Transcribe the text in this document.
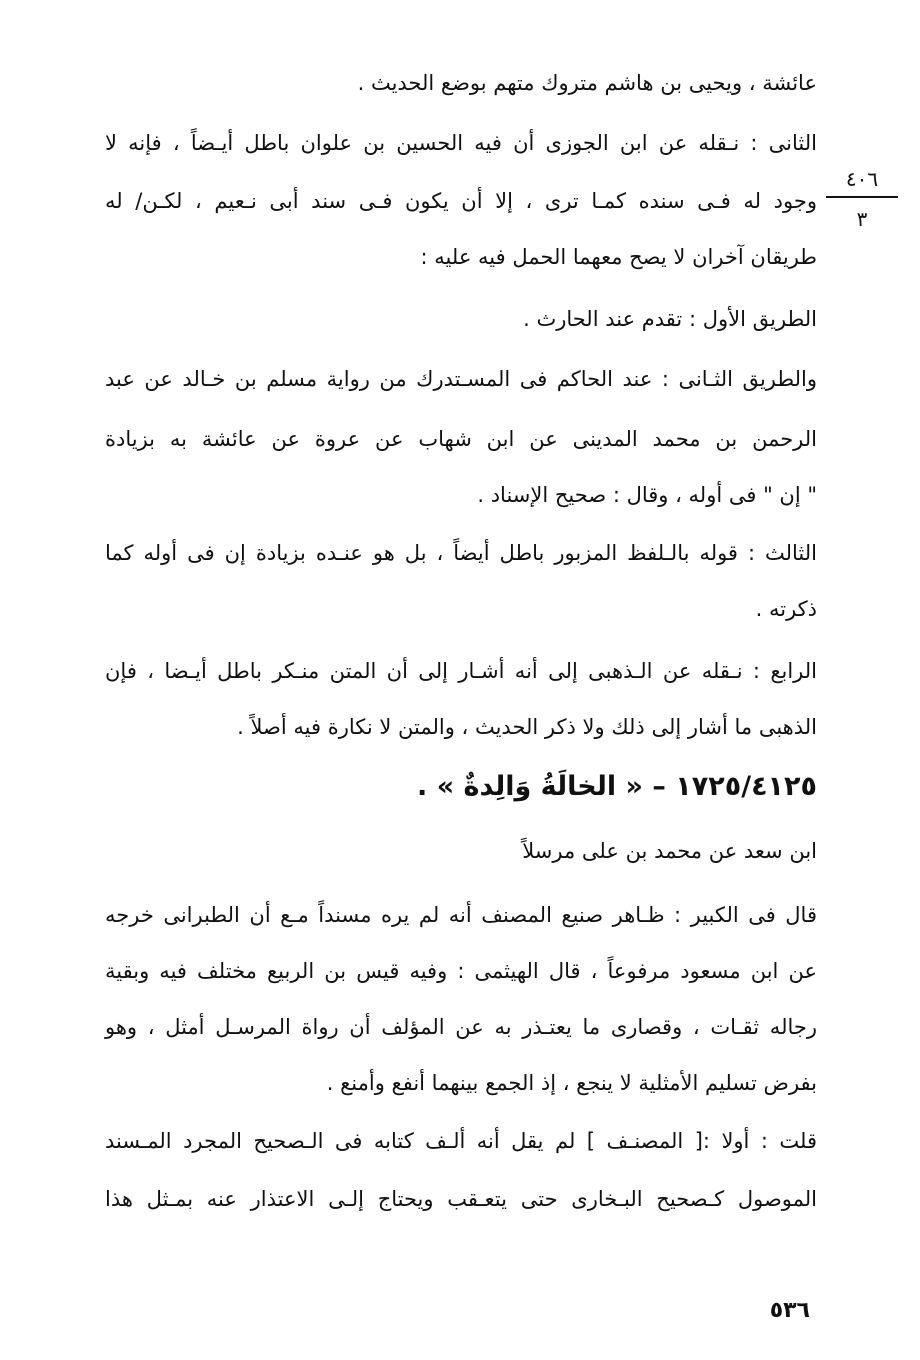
عائشة ، ويحيى بن هاشم متروك متهم بوضع الحديث .
الثانى : نـقله عن ابن الجوزى أن فيه الحسين بن علوان باطل أيـضاً ، فإنه لا
وجود له فـى سنده كمـا ترى ، إلا أن يكون فـى سند أبى نـعيم ، لكـن/ له
طريقان آخران لا يصح معهما الحمل فيه عليه :
الطريق الأول : تقدم عند الحارث .
والطريق الثـانى : عند الحاكم فى المسـتدرك من رواية مسلم بن خـالد عن عبد
الرحمن بن محمد المدينى عن ابن شهاب عن عروة عن عائشة به بزيادة
" إن " فى أوله ، وقال : صحيح الإسناد .
الثالث : قوله بالـلفظ المزبور باطل أيضاً ، بل هو عنـده بزيادة إن فى أوله كما
ذكرته .
الرابع : نـقله عن الـذهبى إلى أنه أشـار إلى أن المتن منـكر باطل أيـضا ، فإن
الذهبى ما أشار إلى ذلك ولا ذكر الحديث ، والمتن لا نكارة فيه أصلاً .
١٧٢٥/٤١٢٥ – « الخالَةُ وَالِدةٌ » .
ابن سعد عن محمد بن على مرسلاً
قال فى الكبير : ظـاهر صنيع المصنف أنه لم يره مسنداً مـع أن الطبرانى خرجه
عن ابن مسعود مرفوعاً ، قال الهيثمى : وفيه قيس بن الربيع مختلف فيه وبقية
رجاله ثقـات ، وقصارى ما يعتـذر به عن المؤلف أن رواة المرسـل أمثل ، وهو
بفرض تسليم الأمثلية لا ينجع ، إذ الجمع بينهما أنفع وأمنع .
قلت : أولا :[ المصنـف ] لم يقل أنه ألـف كتابه فى الـصحيح المجرد المـسند
الموصول كـصحيح البـخارى حتى يتعـقب ويحتاج إلـى الاعتذار عنه بمـثل هذا
٤٠٦
٣
٥٣٦
